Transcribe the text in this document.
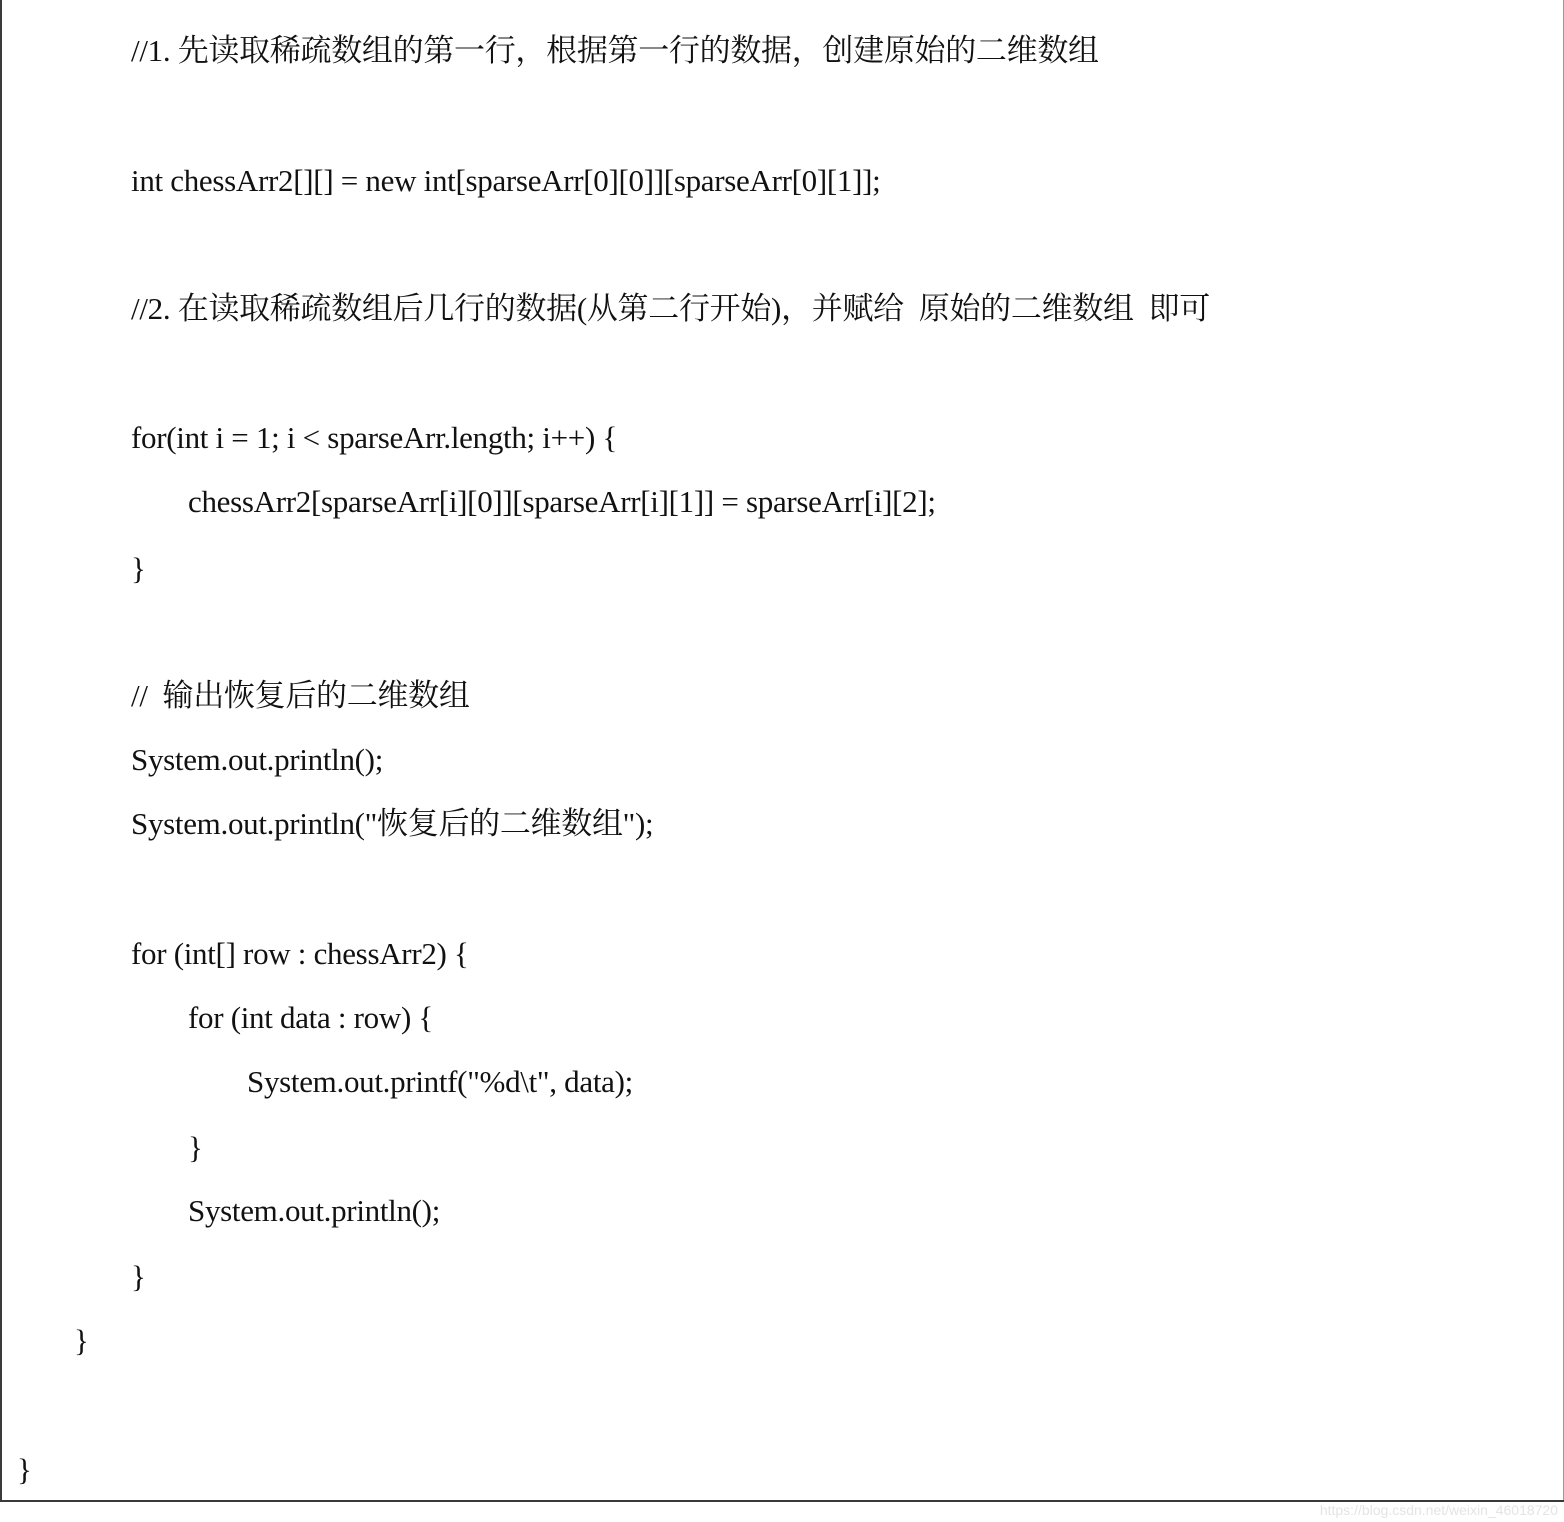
//1. 先读取稀疏数组的第一行，根据第一行的数据，创建原始的二维数组
int chessArr2[][] = new int[sparseArr[0][0]][sparseArr[0][1]];
//2. 在读取稀疏数组后几行的数据(从第二行开始)，并赋给  原始的二维数组  即可
for(int i = 1; i < sparseArr.length; i++) {
chessArr2[sparseArr[i][0]][sparseArr[i][1]] = sparseArr[i][2];
}
//  输出恢复后的二维数组
System.out.println();
System.out.println("恢复后的二维数组");
for (int[] row : chessArr2) {
for (int data : row) {
System.out.printf("%d\t", data);
}
System.out.println();
}
}
}
https://blog.csdn.net/weixin_46018720
